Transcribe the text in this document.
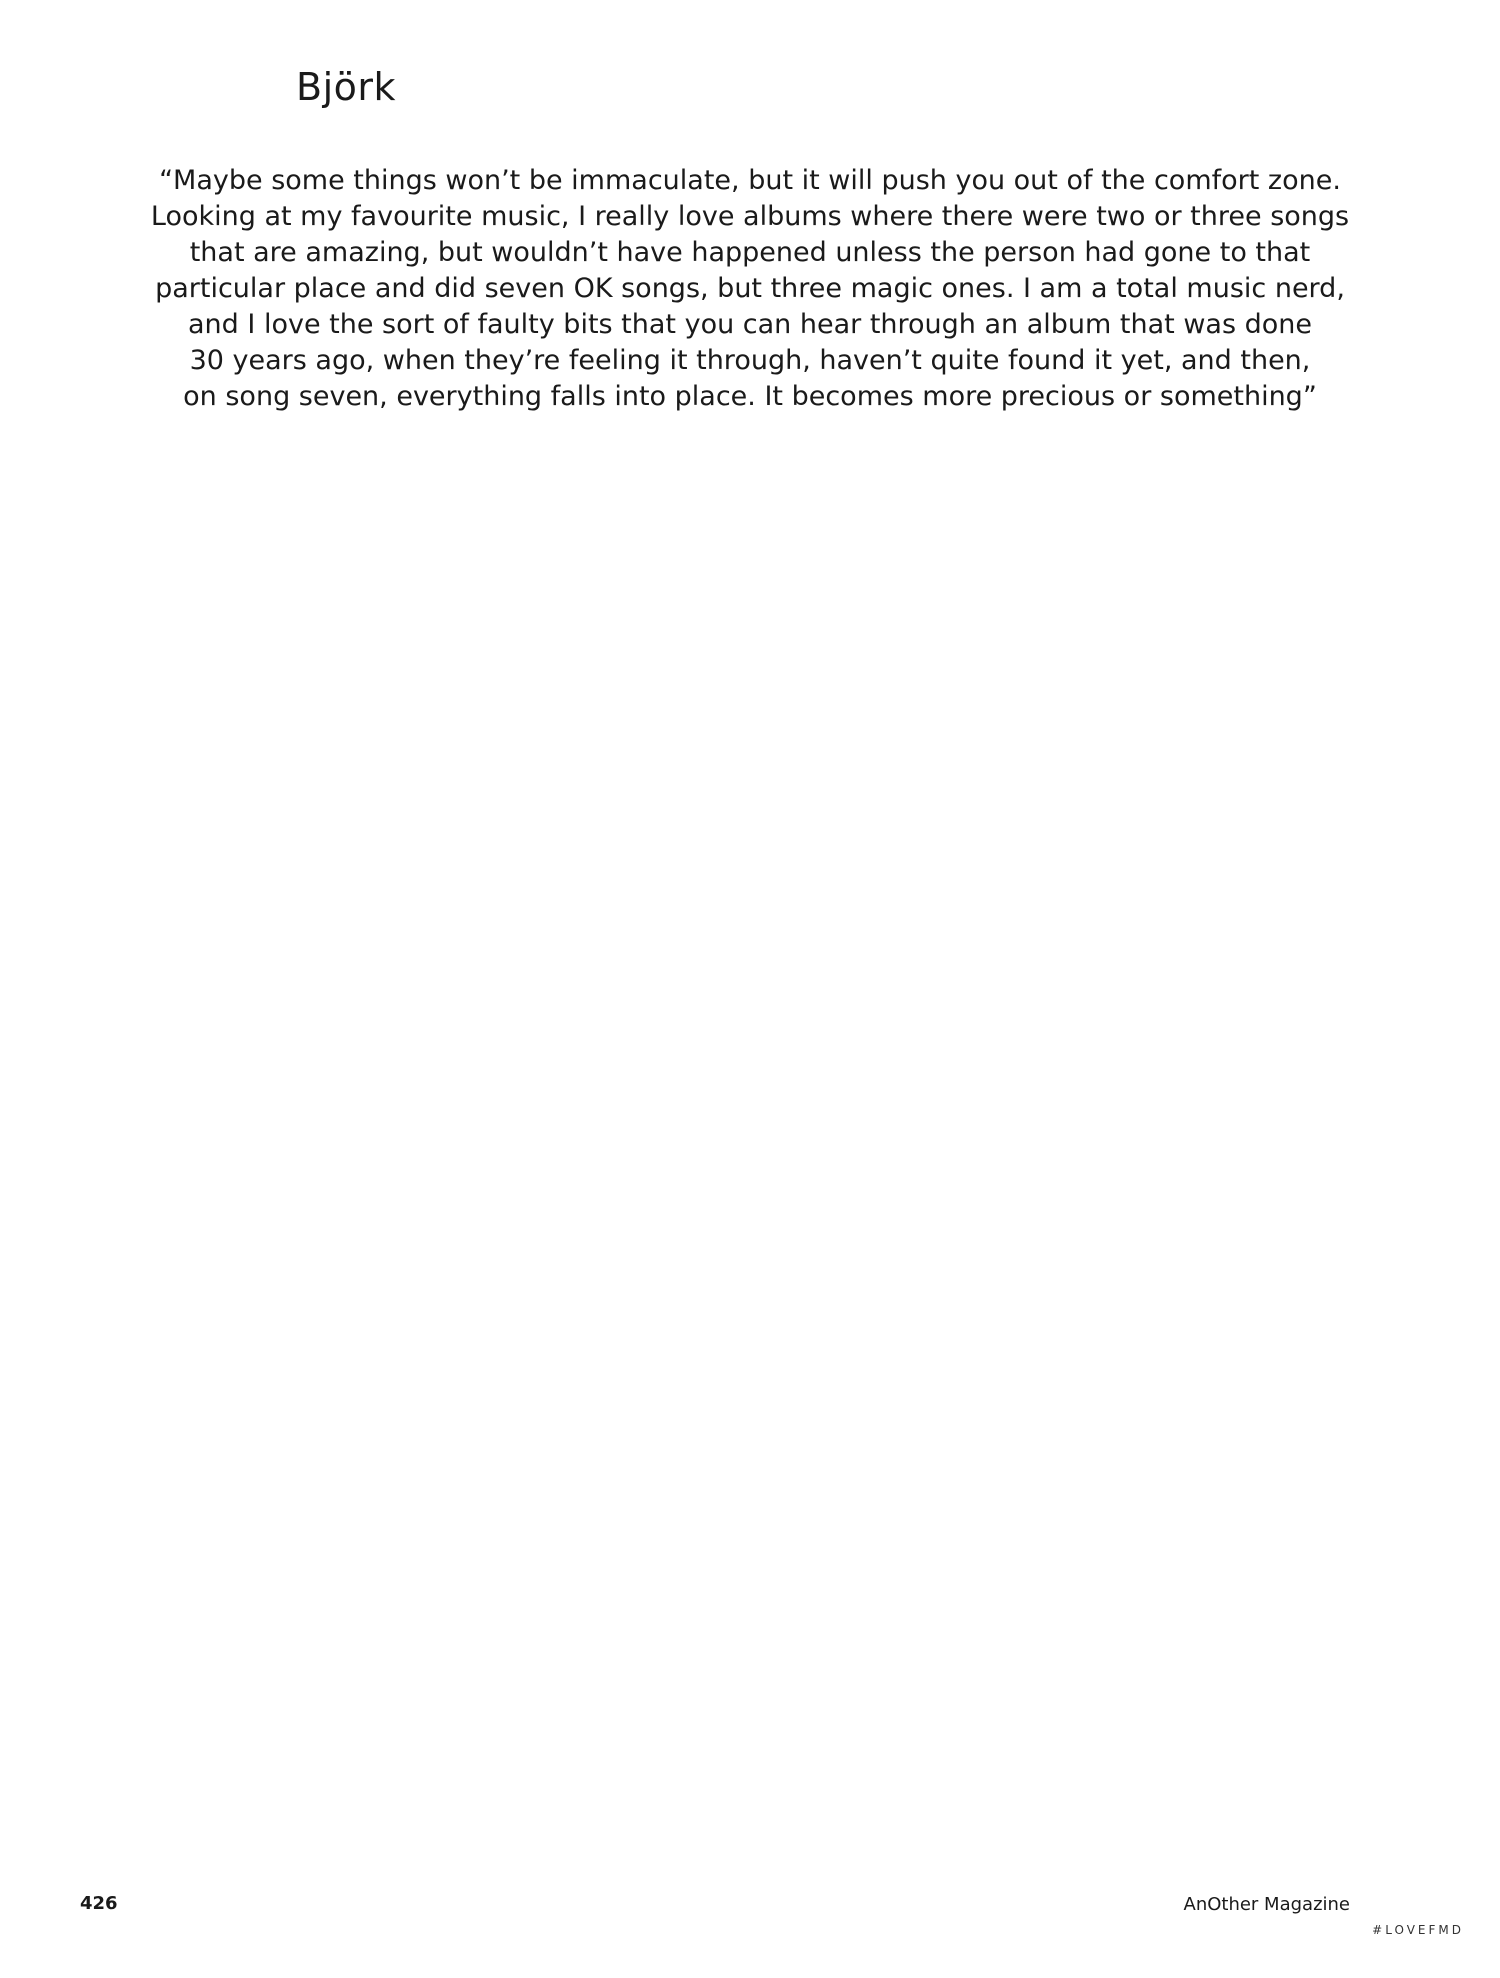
Björk
“Maybe some things won’t be immaculate, but it will push you out of the comfort zone.
Looking at my favourite music, I really love albums where there were two or three songs
that are amazing, but wouldn’t have happened unless the person had gone to that
particular place and did seven OK songs, but three magic ones. I am a total music nerd,
and I love the sort of faulty bits that you can hear through an album that was done
30 years ago, when they’re feeling it through, haven’t quite found it yet, and then,
on song seven, everything falls into place. It becomes more precious or something”
426	AnOther Magazine
#LOVEFMD
